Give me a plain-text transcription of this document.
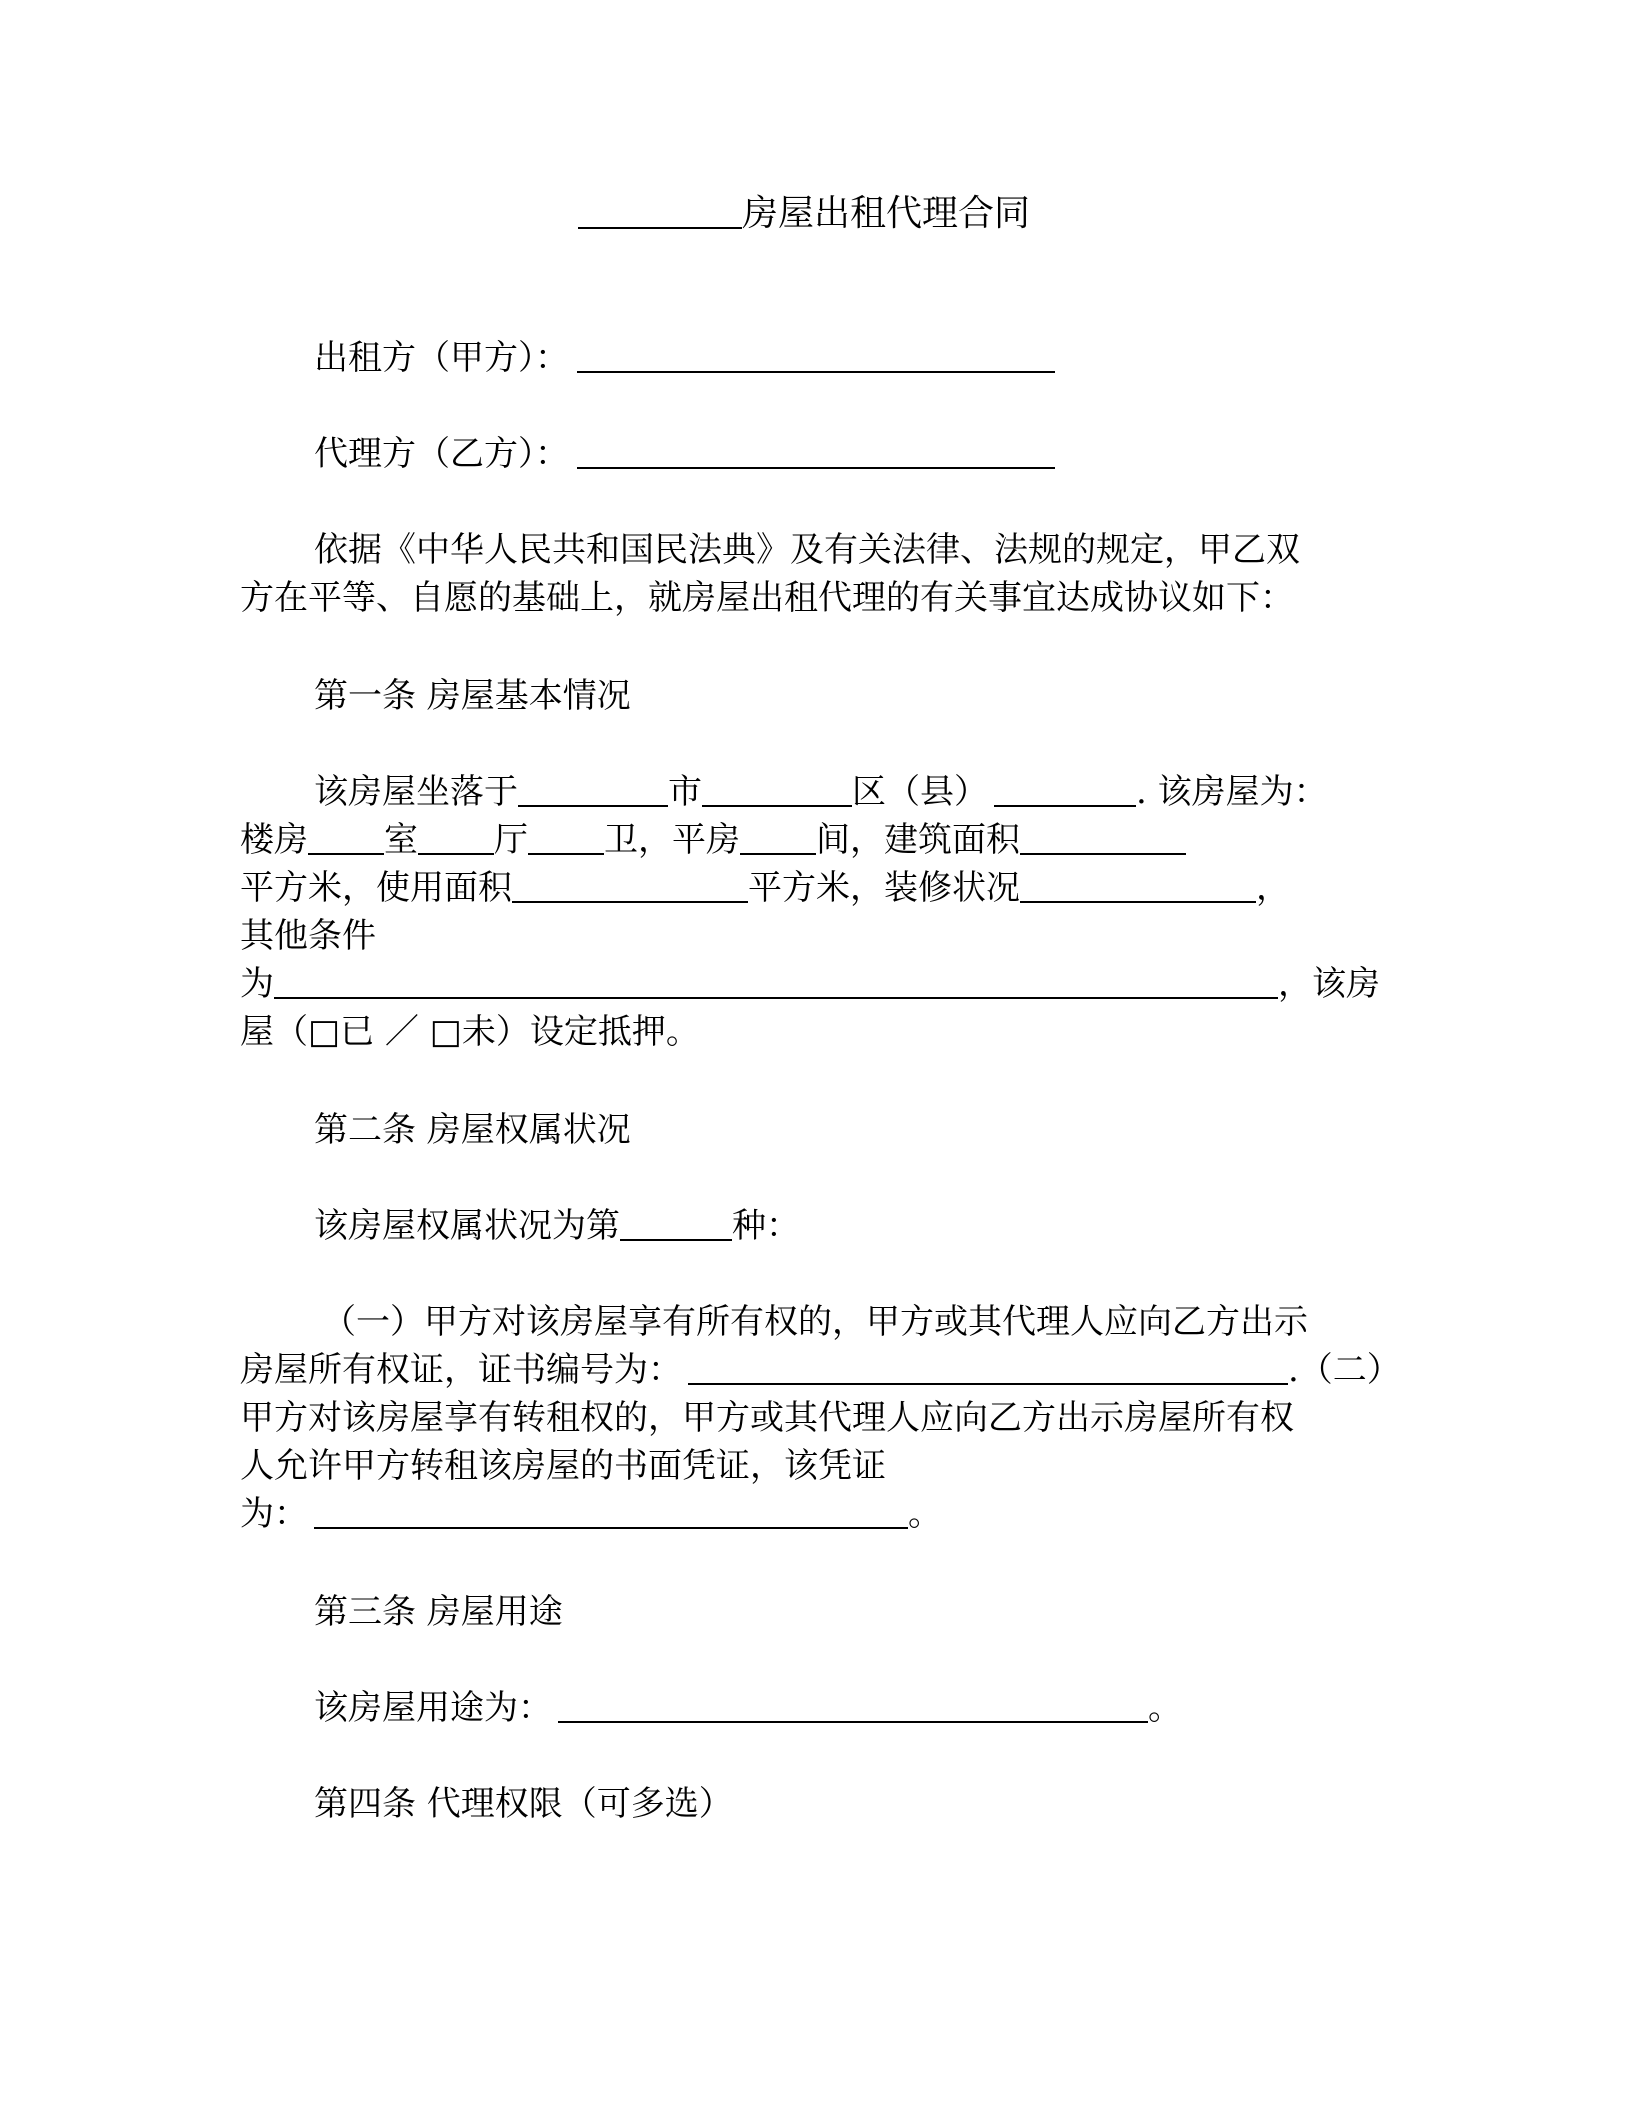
房屋出租代理合同
出租方（甲方）：
代理方（乙方）：
依据《中华人民共和国民法典》及有关法律、法规的规定，甲乙双
方在平等、自愿的基础上，就房屋出租代理的有关事宜达成协议如下：
第一条 房屋基本情况
该房屋坐落于	市	区（县）	. 该房屋为：
楼房 室 厅 卫，平房 间，建筑面积
平方米，使用面积	平方米，装修状况	，
其他条件
为	，该房
屋（□已 ／ □未）设定抵押。
第二条 房屋权属状况
该房屋权属状况为第	种：
（一）甲方对该房屋享有所有权的，甲方或其代理人应向乙方出示
房屋所有权证，证书编号为：	.（二）
甲方对该房屋享有转租权的，甲方或其代理人应向乙方出示房屋所有权
人允许甲方转租该房屋的书面凭证，该凭证
为：	。
第三条 房屋用途
该房屋用途为：	。
第四条 代理权限（可多选）
